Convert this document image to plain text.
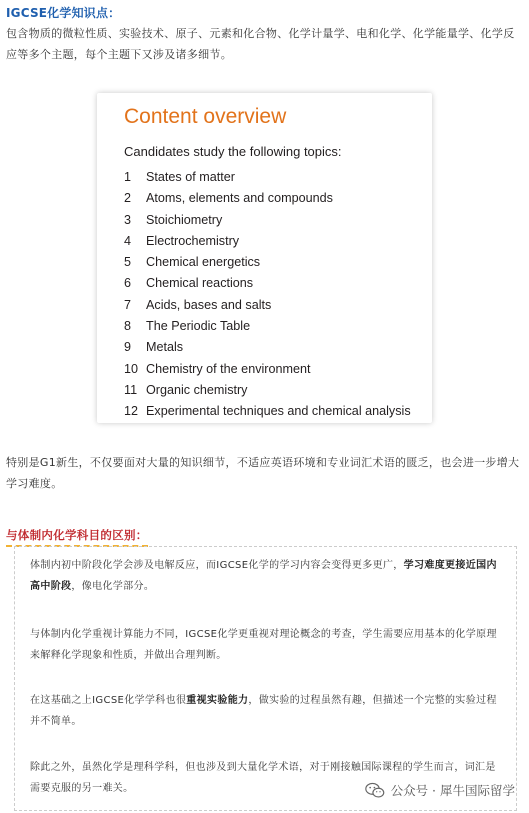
IGCSE化学知识点：

包含物质的微粒性质、实验技术、原子、元素和化合物、化学计量学、电和化学、化学能量学、化学反应等多个主题，每个主题下又涉及诸多细节。

Content overview
Candidates study the following topics:
1 States of matter
2 Atoms, elements and compounds
3 Stoichiometry
4 Electrochemistry
5 Chemical energetics
6 Chemical reactions
7 Acids, bases and salts
8 The Periodic Table
9 Metals
10 Chemistry of the environment
11 Organic chemistry
12 Experimental techniques and chemical analysis

特别是G1新生，不仅要面对大量的知识细节，不适应英语环境和专业词汇术语的匮乏，也会进一步增大学习难度。

与体制内化学科目的区别：

体制内初中阶段化学会涉及电解反应，而IGCSE化学的学习内容会变得更多更广，学习难度更接近国内高中阶段，像电化学部分。

与体制内化学重视计算能力不同，IGCSE化学更重视对理论概念的考查，学生需要应用基本的化学原理来解释化学现象和性质，并做出合理判断。

在这基础之上IGCSE化学学科也很重视实验能力，做实验的过程虽然有趣，但描述一个完整的实验过程并不简单。

除此之外，虽然化学是理科学科，但也涉及到大量化学术语，对于刚接触国际课程的学生而言，词汇是需要克服的另一难关。	公众号 · 犀牛国际留学
